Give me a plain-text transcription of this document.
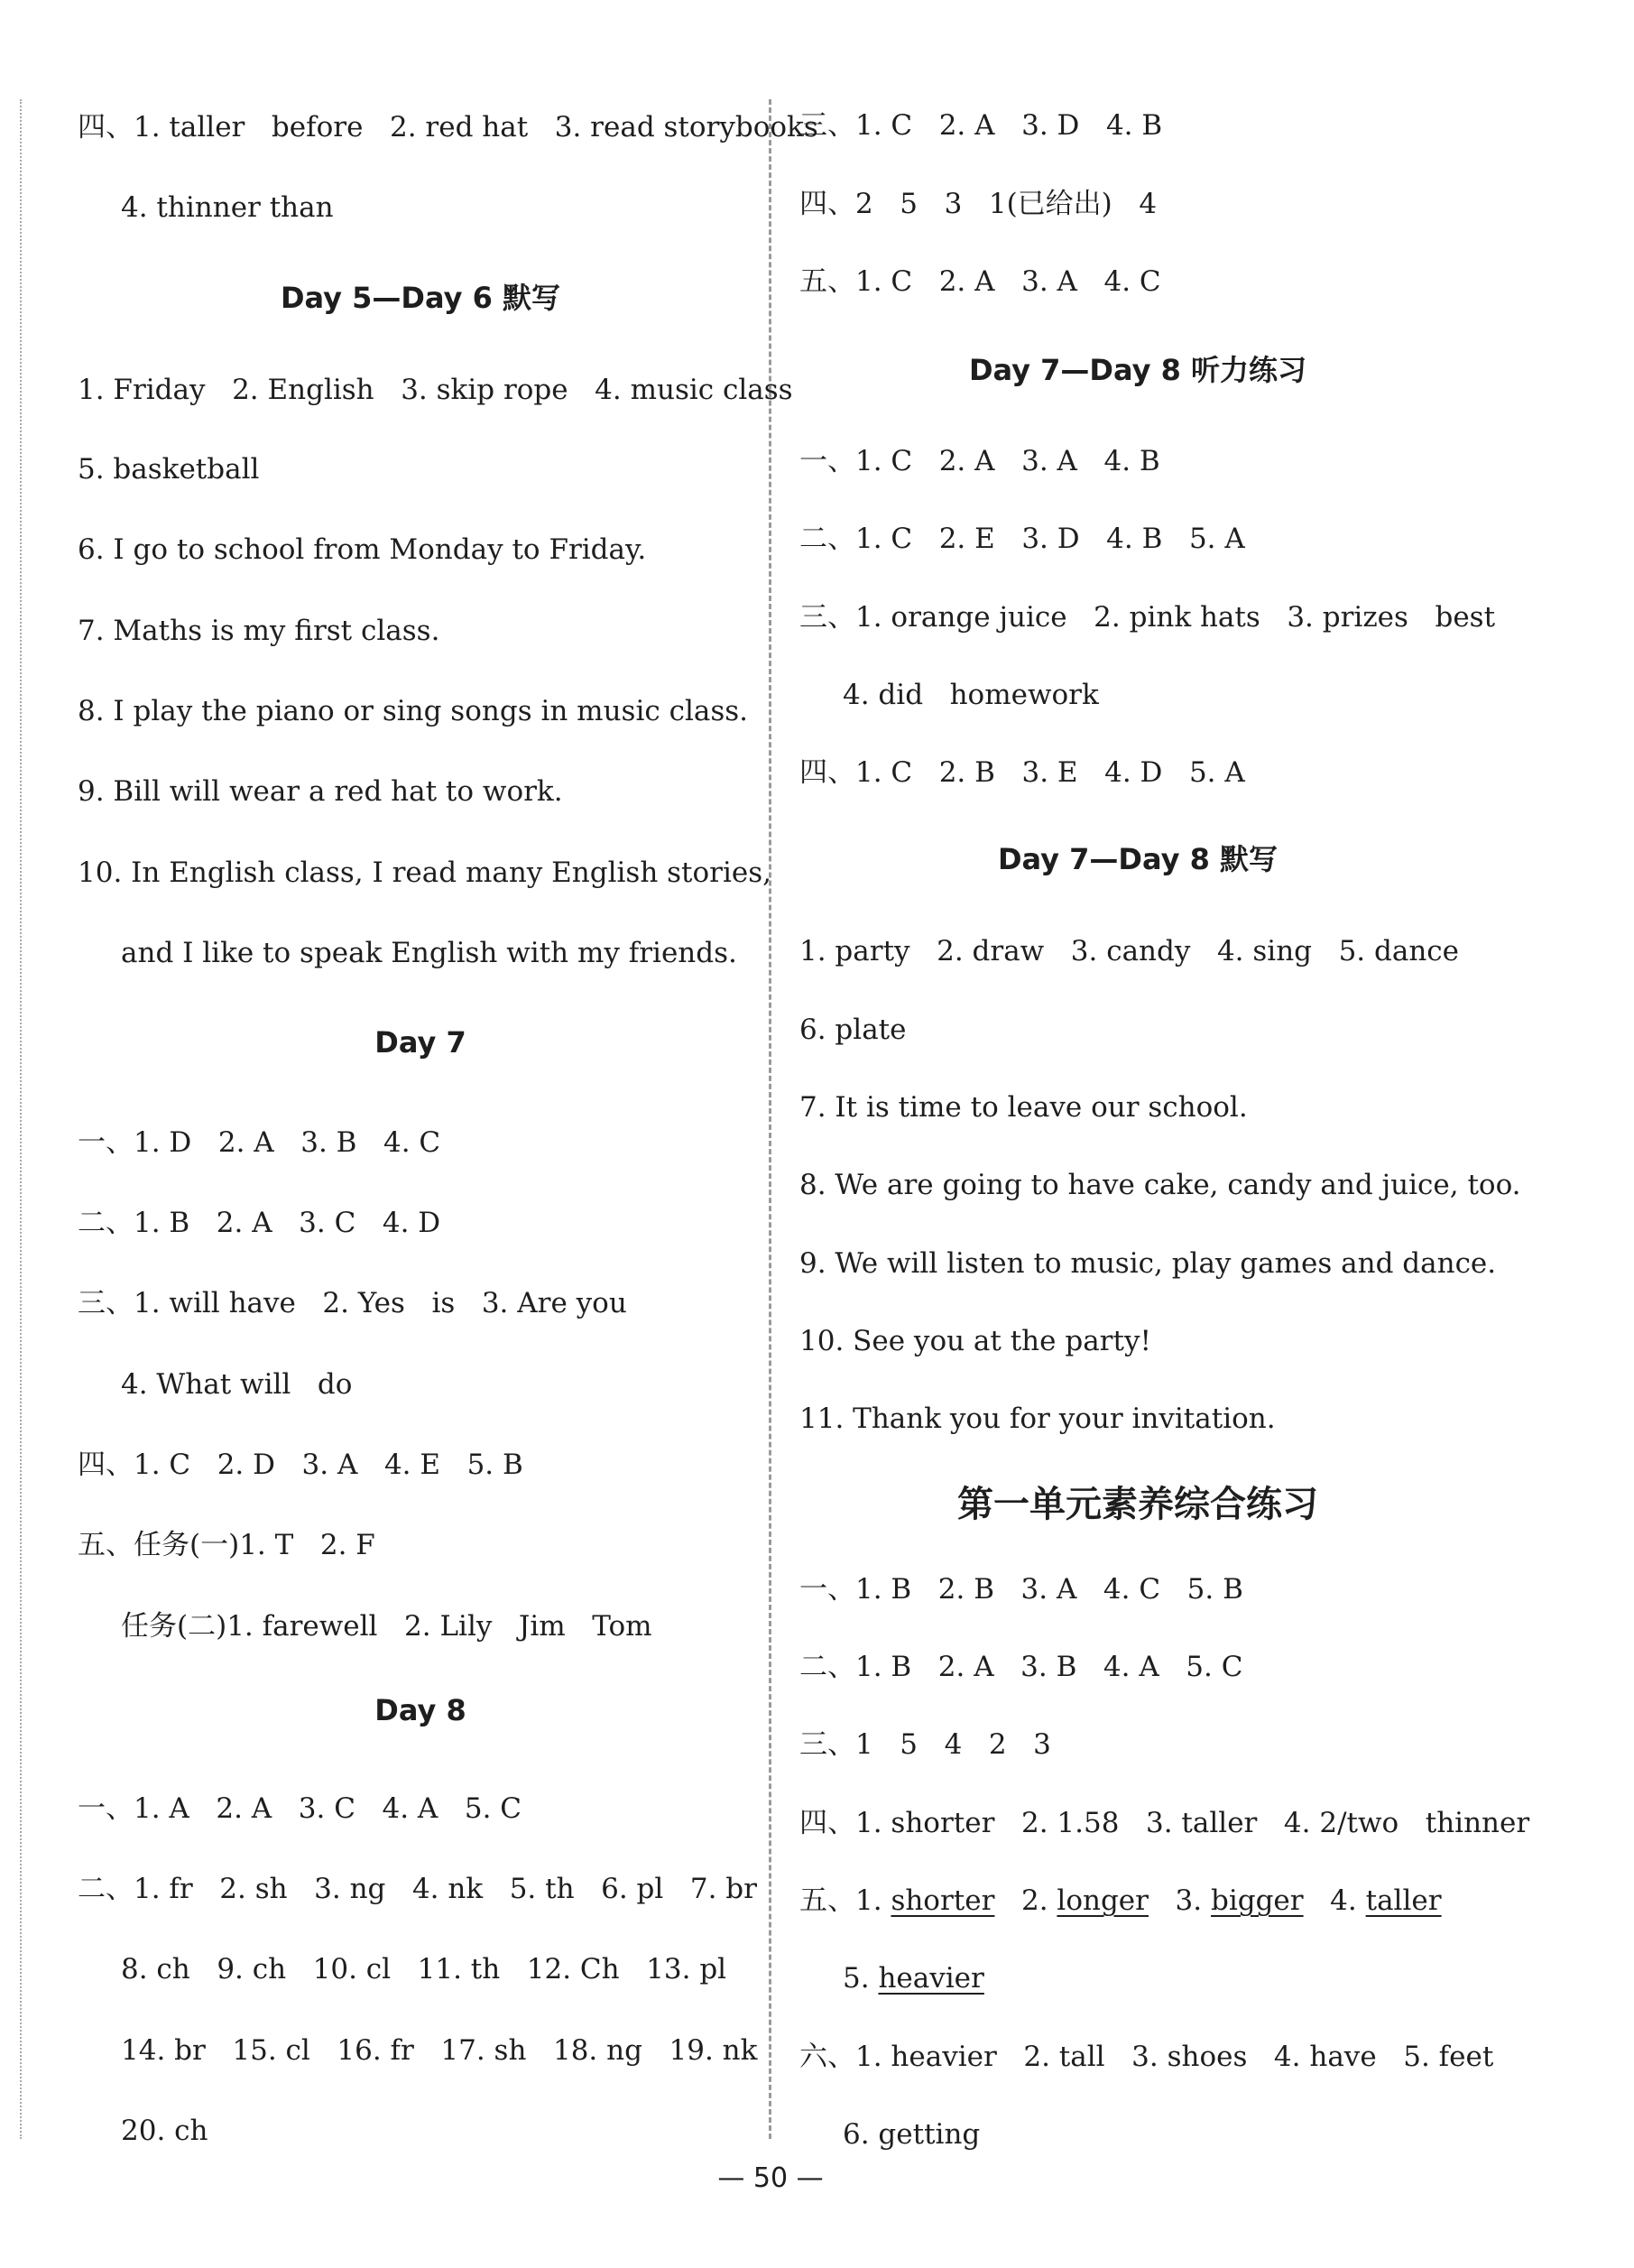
四、1. taller   before   2. red hat   3. read storybooks
4. thinner than
Day 5—Day 6 默写
1. Friday   2. English   3. skip rope   4. music class
5. basketball
6. I go to school from Monday to Friday.
7. Maths is my first class.
8. I play the piano or sing songs in music class.
9. Bill will wear a red hat to work.
10. In English class, I read many English stories,
and I like to speak English with my friends.
Day 7
一、1. D   2. A   3. B   4. C
二、1. B   2. A   3. C   4. D
三、1. will have   2. Yes   is   3. Are you
4. What will   do
四、1. C   2. D   3. A   4. E   5. B
五、任务(一)1. T   2. F
任务(二)1. farewell   2. Lily   Jim   Tom
Day 8
一、1. A   2. A   3. C   4. A   5. C
二、1. fr   2. sh   3. ng   4. nk   5. th   6. pl   7. br
8. ch   9. ch   10. cl   11. th   12. Ch   13. pl
14. br   15. cl   16. fr   17. sh   18. ng   19. nk
20. ch
三、1. C   2. A   3. D   4. B
四、2   5   3   1(已给出)   4
五、1. C   2. A   3. A   4. C
Day 7—Day 8 听力练习
一、1. C   2. A   3. A   4. B
二、1. C   2. E   3. D   4. B   5. A
三、1. orange juice   2. pink hats   3. prizes   best
4. did   homework
四、1. C   2. B   3. E   4. D   5. A
Day 7—Day 8 默写
1. party   2. draw   3. candy   4. sing   5. dance
6. plate
7. It is time to leave our school.
8. We are going to have cake, candy and juice, too.
9. We will listen to music, play games and dance.
10. See you at the party!
11. Thank you for your invitation.
第一单元素养综合练习
一、1. B   2. B   3. A   4. C   5. B
二、1. B   2. A   3. B   4. A   5. C
三、1   5   4   2   3
四、1. shorter   2. 1.58   3. taller   4. 2/two   thinner
五、1. shorter   2. longer   3. bigger   4. taller
5. heavier
六、1. heavier   2. tall   3. shoes   4. have   5. feet
6. getting
— 50 —
